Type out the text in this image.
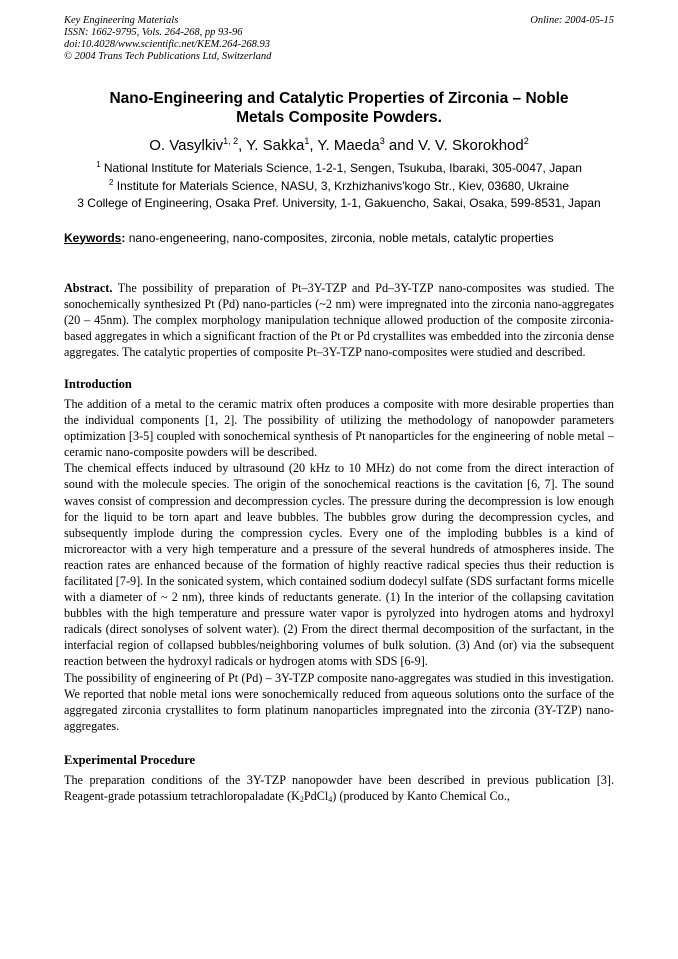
Key Engineering Materials
ISSN: 1662-9795, Vols. 264-268, pp 93-96
doi:10.4028/www.scientific.net/KEM.264-268.93
© 2004 Trans Tech Publications Ltd, Switzerland
Online: 2004-05-15
Nano-Engineering and Catalytic Properties of Zirconia – Noble
Metals Composite Powders.
O. Vasylkiv$^{1, 2}$, Y. Sakka$^1$, Y. Maeda$^3$ and V. V. Skorokhod$^2$

$^1$ National Institute for Materials Science, 1-2-1, Sengen, Tsukuba, Ibaraki, 305-0047, Japan

$^2$ Institute for Materials Science, NASU, 3, Krzhizhanivs'kogo Str., Kiev, 03680, Ukraine

3 College of Engineering, Osaka Pref. University, 1-1, Gakuencho, Sakai, Osaka, 599-8531, Japan

Keywords: nano-engeneering, nano-composites, zirconia, noble metals, catalytic properties
Abstract. The possibility of preparation of Pt–3Y-TZP and Pd–3Y-TZP nano-composites was studied. The sonochemically synthesized Pt (Pd) nano-particles (~2 nm) were impregnated into the zirconia nano-aggregates (20 – 45nm). The complex morphology manipulation technique allowed production of the composite zirconia-based aggregates in which a significant fraction of the Pt or Pd crystallites was embedded into the zirconia dense aggregates. The catalytic properties of composite Pt–3Y-TZP nano-composites were studied and described.
Introduction

The addition of a metal to the ceramic matrix often produces a composite with more desirable properties than the individual components [1, 2]. The possibility of utilizing the methodology of nanopowder parameters optimization [3-5] coupled with sonochemical synthesis of Pt nanoparticles for the engineering of noble metal – ceramic nano-composite powders will be described.

The chemical effects induced by ultrasound (20 kHz to 10 MHz) do not come from the direct interaction of sound with the molecule species. The origin of the sonochemical reactions is the cavitation [6, 7]. The sound waves consist of compression and decompression cycles. The pressure during the decompression is low enough for the liquid to be torn apart and leave bubbles. The bubbles grow during the decompression cycles, and subsequently implode during the compression cycles. Every one of the imploding bubbles is a kind of microreactor with a very high temperature and a pressure of the several hundreds of atmospheres inside. The reaction rates are enhanced because of the formation of highly reactive radical species thus their reduction is facilitated [7-9]. In the sonicated system, which contained sodium dodecyl sulfate (SDS surfactant forms micelle with a diameter of ~ 2 nm), three kinds of reductants generate. (1) In the interior of the collapsing cavitation bubbles with the high temperature and pressure water vapor is pyrolyzed into hydrogen atoms and hydroxyl radicals (direct sonolyses of solvent water). (2) From the direct thermal decomposition of the surfactant, in the interfacial region of collapsed bubbles/neighboring volumes of bulk solution. (3) And (or) via the subsequent reaction between the hydroxyl radicals or hydrogen atoms with SDS [6-9].

The possibility of engineering of Pt (Pd) – 3Y-TZP composite nano-aggregates was studied in this investigation. We reported that noble metal ions were sonochemically reduced from aqueous solutions onto the surface of the aggregated zirconia crystallites to form platinum nanoparticles impregnated into the zirconia (3Y-TZP) nano-aggregates.

Experimental Procedure

The preparation conditions of the 3Y-TZP nanopowder have been described in previous publication [3]. Reagent-grade potassium tetrachloropaladate $(K_2PdCl_4)$ (produced by Kanto Chemical Co.,
